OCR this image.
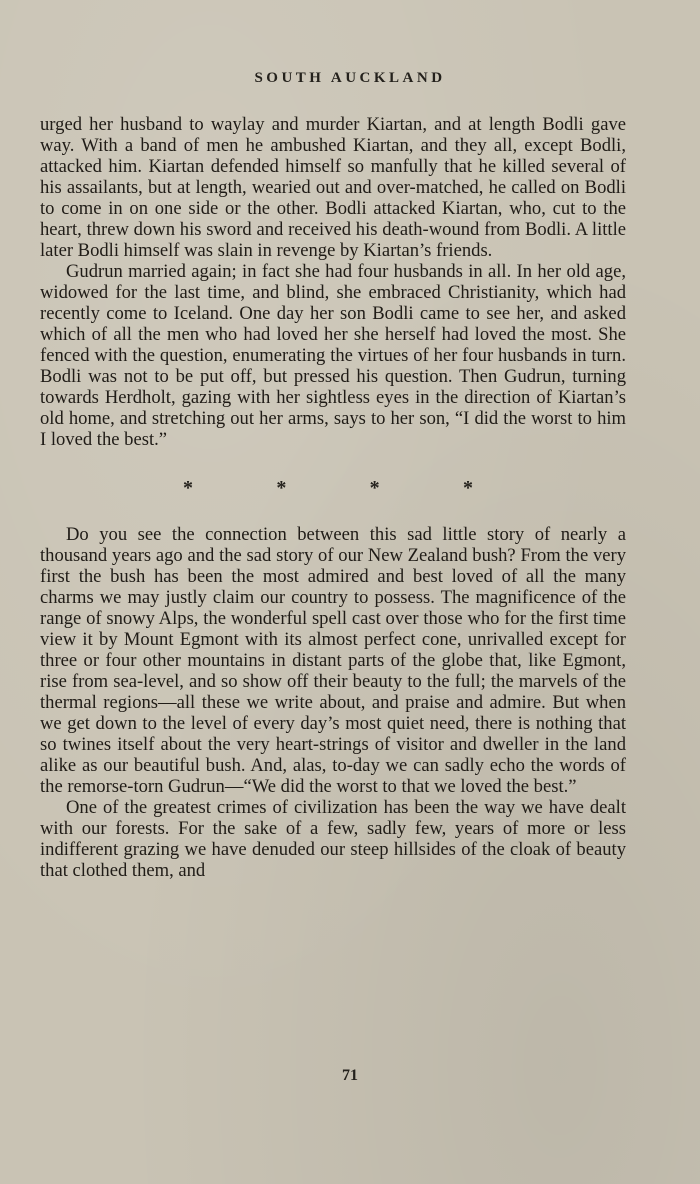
SOUTH AUCKLAND

urged her husband to waylay and murder Kiartan, and at length Bodli gave way. With a band of men he ambushed Kiartan, and they all, except Bodli, attacked him. Kiartan defended himself so manfully that he killed several of his assailants, but at length, wearied out and over-matched, he called on Bodli to come in on one side or the other. Bodli attacked Kiartan, who, cut to the heart, threw down his sword and received his death-wound from Bodli. A little later Bodli himself was slain in revenge by Kiartan’s friends.

Gudrun married again; in fact she had four husbands in all. In her old age, widowed for the last time, and blind, she embraced Christianity, which had recently come to Iceland. One day her son Bodli came to see her, and asked which of all the men who had loved her she herself had loved the most. She fenced with the question, enumerating the virtues of her four husbands in turn. Bodli was not to be put off, but pressed his question. Then Gudrun, turning towards Herdholt, gazing with her sightless eyes in the direction of Kiartan’s old home, and stretching out her arms, says to her son, “I did the worst to him I loved the best.”

*	*	*	*

Do you see the connection between this sad little story of nearly a thousand years ago and the sad story of our New Zealand bush? From the very first the bush has been the most admired and best loved of all the many charms we may justly claim our country to possess. The magnificence of the range of snowy Alps, the wonderful spell cast over those who for the first time view it by Mount Egmont with its almost perfect cone, unrivalled except for three or four other mountains in distant parts of the globe that, like Egmont, rise from sea-level, and so show off their beauty to the full; the marvels of the thermal regions—all these we write about, and praise and admire. But when we get down to the level of every day’s most quiet need, there is nothing that so twines itself about the very heart-strings of visitor and dweller in the land alike as our beautiful bush. And, alas, to-day we can sadly echo the words of the remorse-torn Gudrun—“We did the worst to that we loved the best.”

One of the greatest crimes of civilization has been the way we have dealt with our forests. For the sake of a few, sadly few, years of more or less indifferent grazing we have denuded our steep hillsides of the cloak of beauty that clothed them, and

71
